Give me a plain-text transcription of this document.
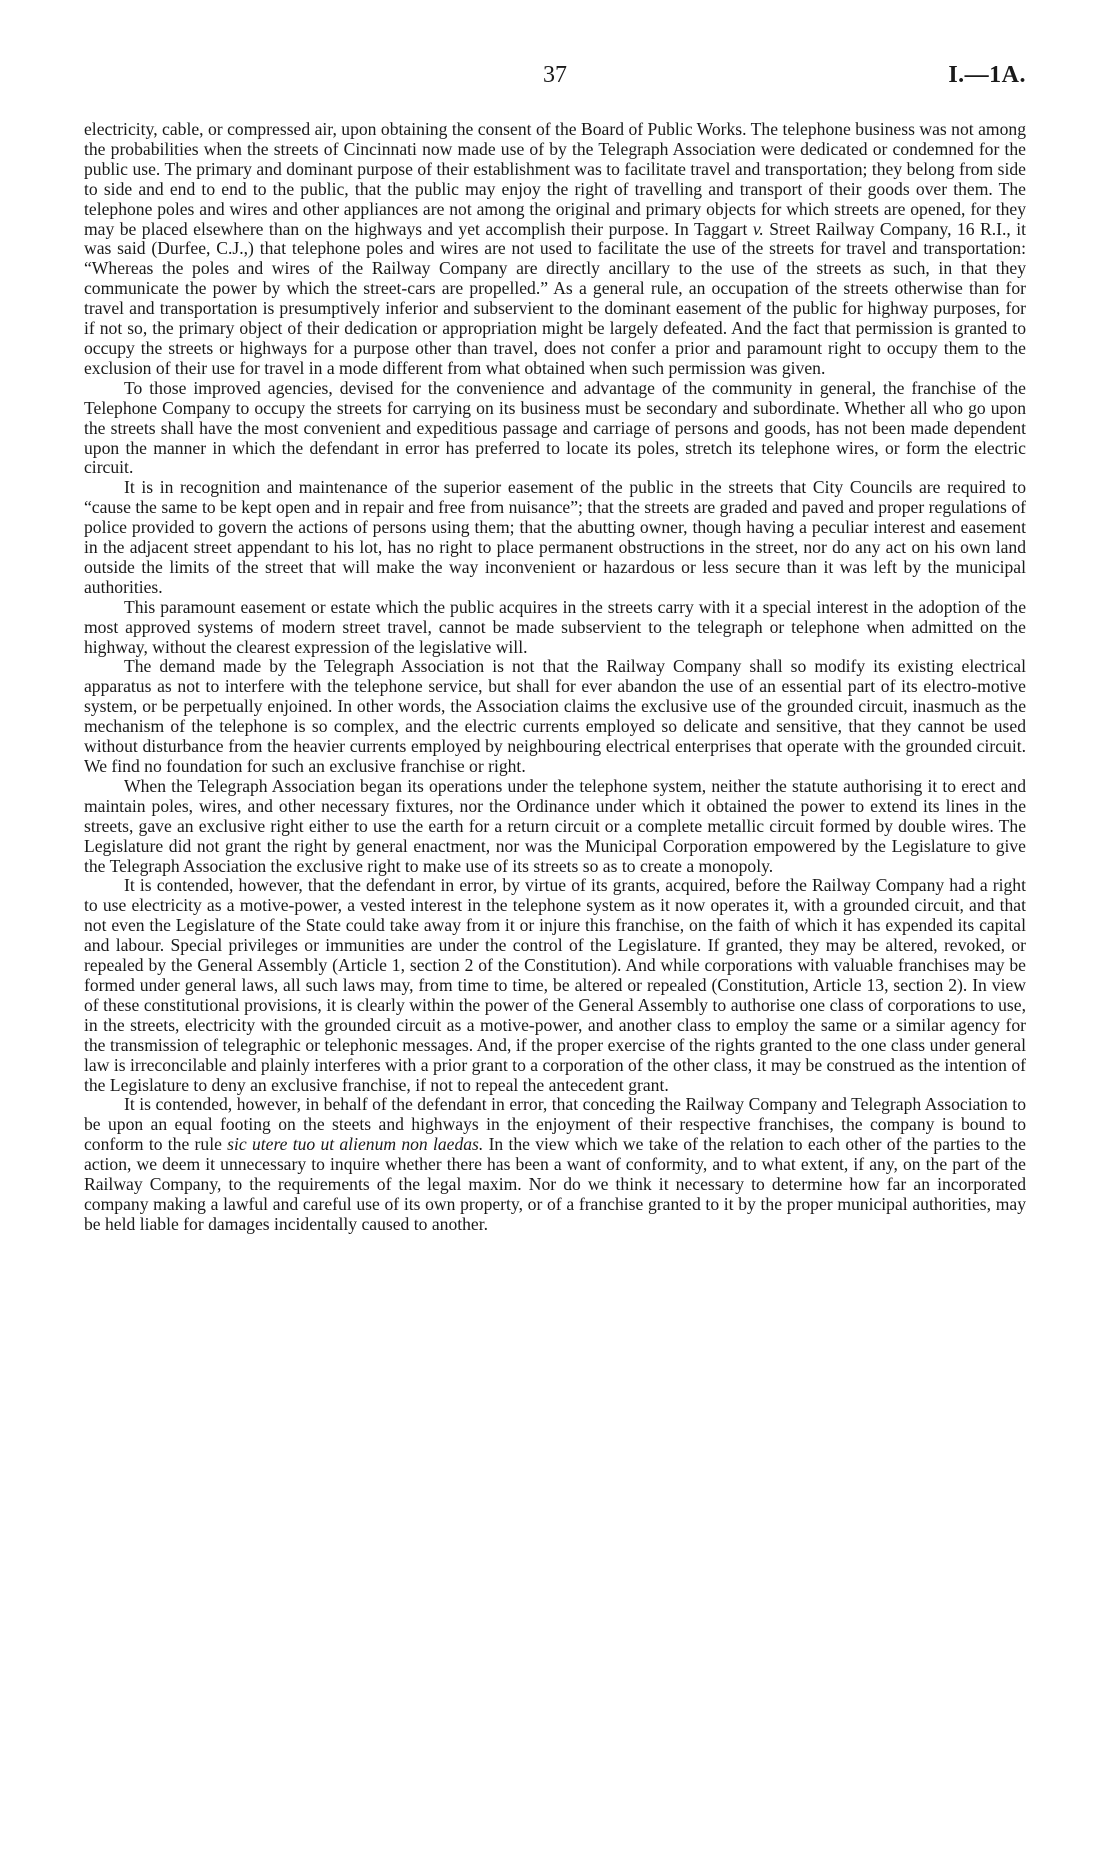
37	I.—1A.

electricity, cable, or compressed air, upon obtaining the consent of the Board of Public Works. The telephone business was not among the probabilities when the streets of Cincinnati now made use of by the Telegraph Association were dedicated or condemned for the public use. The primary and dominant purpose of their establishment was to facilitate travel and transportation; they belong from side to side and end to end to the public, that the public may enjoy the right of travelling and transport of their goods over them. The telephone poles and wires and other appliances are not among the original and primary objects for which streets are opened, for they may be placed elsewhere than on the highways and yet accomplish their purpose. In Taggart v. Street Railway Company, 16 R.I., it was said (Durfee, C.J.,) that telephone poles and wires are not used to facilitate the use of the streets for travel and transportation: “Whereas the poles and wires of the Railway Company are directly ancillary to the use of the streets as such, in that they communicate the power by which the street-cars are propelled.” As a general rule, an occupation of the streets otherwise than for travel and transportation is presumptively inferior and subservient to the dominant easement of the public for highway purposes, for if not so, the primary object of their dedication or appropriation might be largely defeated. And the fact that permission is granted to occupy the streets or highways for a purpose other than travel, does not confer a prior and paramount right to occupy them to the exclusion of their use for travel in a mode different from what obtained when such permission was given.

To those improved agencies, devised for the convenience and advantage of the community in general, the franchise of the Telephone Company to occupy the streets for carrying on its business must be secondary and subordinate. Whether all who go upon the streets shall have the most convenient and expeditious passage and carriage of persons and goods, has not been made dependent upon the manner in which the defendant in error has preferred to locate its poles, stretch its telephone wires, or form the electric circuit.

It is in recognition and maintenance of the superior easement of the public in the streets that City Councils are required to “cause the same to be kept open and in repair and free from nuisance”; that the streets are graded and paved and proper regulations of police provided to govern the actions of persons using them; that the abutting owner, though having a peculiar interest and easement in the adjacent street appendant to his lot, has no right to place permanent obstructions in the street, nor do any act on his own land outside the limits of the street that will make the way inconvenient or hazardous or less secure than it was left by the municipal authorities.

This paramount easement or estate which the public acquires in the streets carry with it a special interest in the adoption of the most approved systems of modern street travel, cannot be made subservient to the telegraph or telephone when admitted on the highway, without the clearest expression of the legislative will.

The demand made by the Telegraph Association is not that the Railway Company shall so modify its existing electrical apparatus as not to interfere with the telephone service, but shall for ever abandon the use of an essential part of its electro-motive system, or be perpetually enjoined. In other words, the Association claims the exclusive use of the grounded circuit, inasmuch as the mechanism of the telephone is so complex, and the electric currents employed so delicate and sensitive, that they cannot be used without disturbance from the heavier currents employed by neighbouring electrical enterprises that operate with the grounded circuit. We find no foundation for such an exclusive franchise or right.

When the Telegraph Association began its operations under the telephone system, neither the statute authorising it to erect and maintain poles, wires, and other necessary fixtures, nor the Ordinance under which it obtained the power to extend its lines in the streets, gave an exclusive right either to use the earth for a return circuit or a complete metallic circuit formed by double wires. The Legislature did not grant the right by general enactment, nor was the Municipal Corporation empowered by the Legislature to give the Telegraph Association the exclusive right to make use of its streets so as to create a monopoly.

It is contended, however, that the defendant in error, by virtue of its grants, acquired, before the Railway Company had a right to use electricity as a motive-power, a vested interest in the telephone system as it now operates it, with a grounded circuit, and that not even the Legislature of the State could take away from it or injure this franchise, on the faith of which it has expended its capital and labour. Special privileges or immunities are under the control of the Legislature. If granted, they may be altered, revoked, or repealed by the General Assembly (Article 1, section 2 of the Constitution). And while corporations with valuable franchises may be formed under general laws, all such laws may, from time to time, be altered or repealed (Constitution, Article 13, section 2). In view of these constitutional provisions, it is clearly within the power of the General Assembly to authorise one class of corporations to use, in the streets, electricity with the grounded circuit as a motive-power, and another class to employ the same or a similar agency for the transmission of telegraphic or telephonic messages. And, if the proper exercise of the rights granted to the one class under general law is irreconcilable and plainly interferes with a prior grant to a corporation of the other class, it may be construed as the intention of the Legislature to deny an exclusive franchise, if not to repeal the antecedent grant.

It is contended, however, in behalf of the defendant in error, that conceding the Railway Company and Telegraph Association to be upon an equal footing on the steets and highways in the enjoyment of their respective franchises, the company is bound to conform to the rule sic utere tuo ut alienum non laedas. In the view which we take of the relation to each other of the parties to the action, we deem it unnecessary to inquire whether there has been a want of conformity, and to what extent, if any, on the part of the Railway Company, to the requirements of the legal maxim. Nor do we think it necessary to determine how far an incorporated company making a lawful and careful use of its own property, or of a franchise granted to it by the proper municipal authorities, may be held liable for damages incidentally caused to another.
